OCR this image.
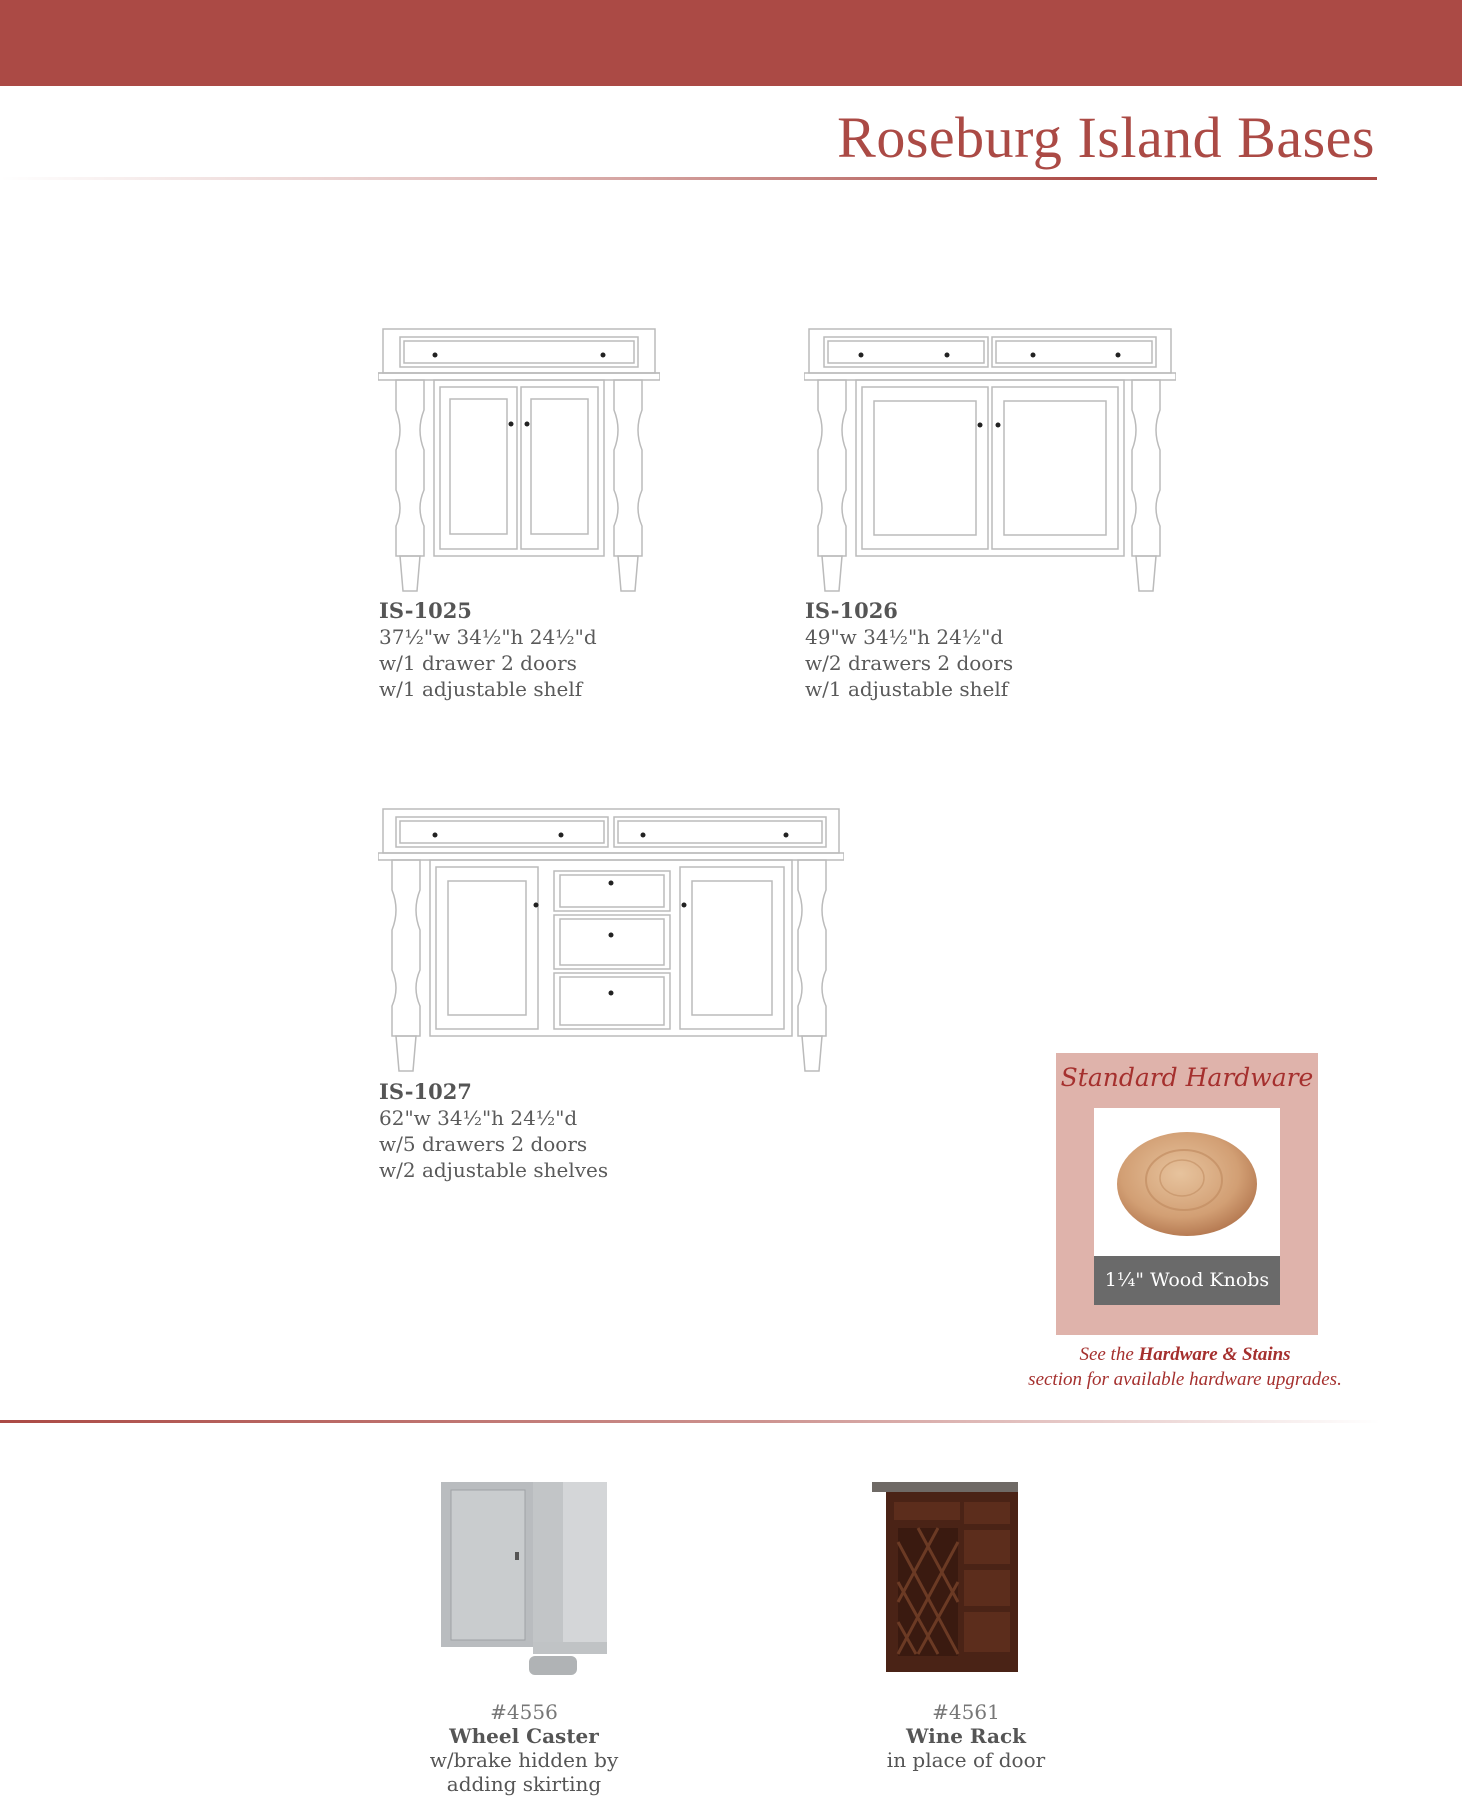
Roseburg Island Bases
IS-1025
37½"w 34½"h 24½"d
w/1 drawer 2 doors
w/1 adjustable shelf
IS-1026
49"w 34½"h 24½"d
w/2 drawers 2 doors
w/1 adjustable shelf
IS-1027
62"w 34½"h 24½"d
w/5 drawers 2 doors
w/2 adjustable shelves
Standard Hardware
1¼" Wood Knobs
See the Hardware & Stains
section for available hardware upgrades.
#4556
Wheel Caster
w/brake hidden by
adding skirting
#4561
Wine Rack
in place of door
